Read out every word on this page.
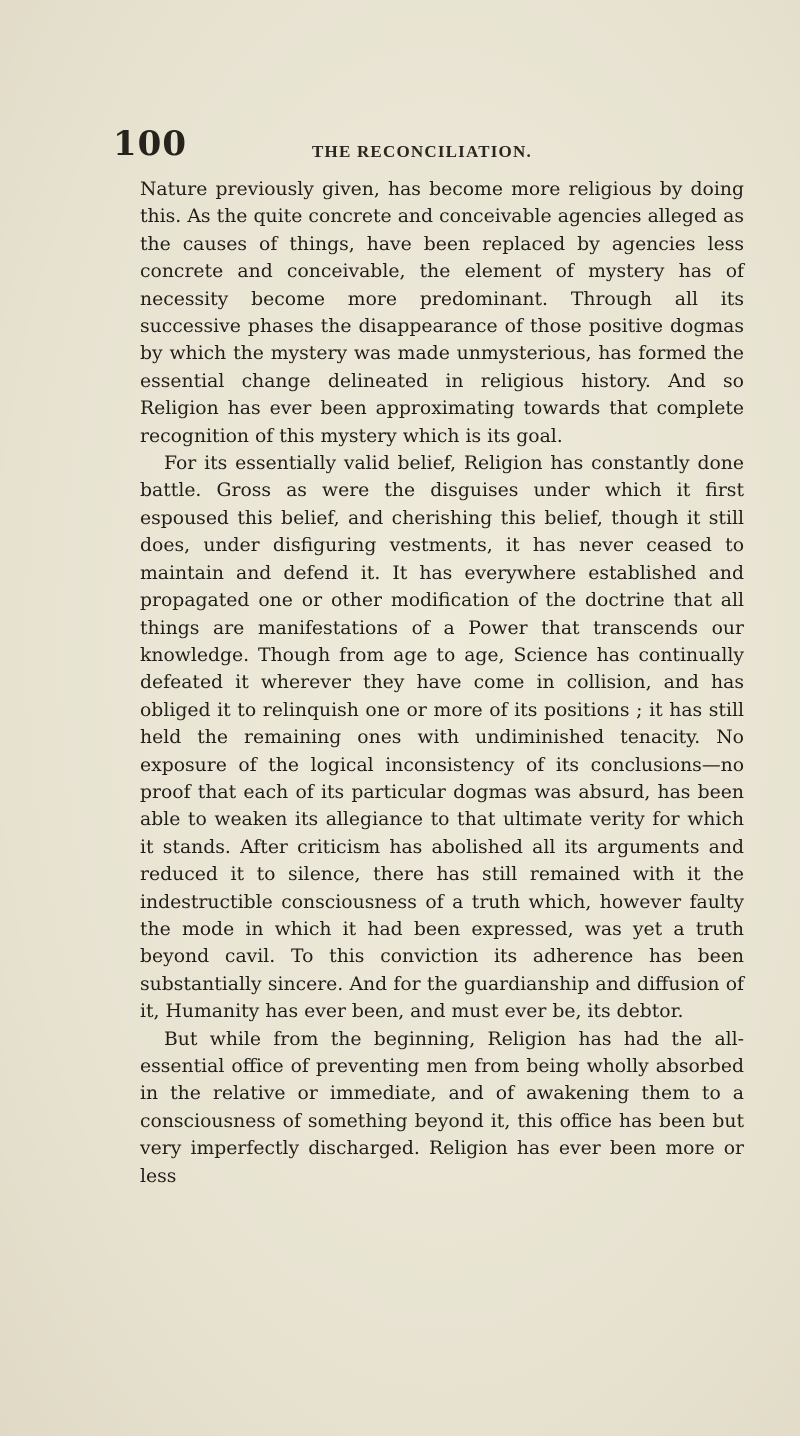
100	THE RECONCILIATION.

Nature previously given, has become more religious by doing this. As the quite concrete and conceivable agencies alleged as the causes of things, have been replaced by agencies less concrete and conceivable, the element of mystery has of necessity become more predominant. Through all its successive phases the disappearance of those positive dogmas by which the mystery was made unmysterious, has formed the essential change delineated in religious history. And so Religion has ever been approximating towards that complete recognition of this mystery which is its goal.

For its essentially valid belief, Religion has constantly done battle. Gross as were the disguises under which it first espoused this belief, and cherishing this belief, though it still does, under disfiguring vestments, it has never ceased to maintain and defend it. It has everywhere established and propagated one or other modification of the doctrine that all things are manifestations of a Power that transcends our knowledge. Though from age to age, Science has continually defeated it wherever they have come in collision, and has obliged it to relinquish one or more of its positions ; it has still held the remaining ones with undiminished tenacity. No exposure of the logical inconsistency of its conclusions—no proof that each of its particular dogmas was absurd, has been able to weaken its allegiance to that ultimate verity for which it stands. After criticism has abolished all its arguments and reduced it to silence, there has still remained with it the indestructible consciousness of a truth which, however faulty the mode in which it had been expressed, was yet a truth beyond cavil. To this conviction its adherence has been substantially sincere. And for the guardianship and diffusion of it, Humanity has ever been, and must ever be, its debtor.

But while from the beginning, Religion has had the all-essential office of preventing men from being wholly absorbed in the relative or immediate, and of awakening them to a consciousness of something beyond it, this office has been but very imperfectly discharged. Religion has ever been more or less
